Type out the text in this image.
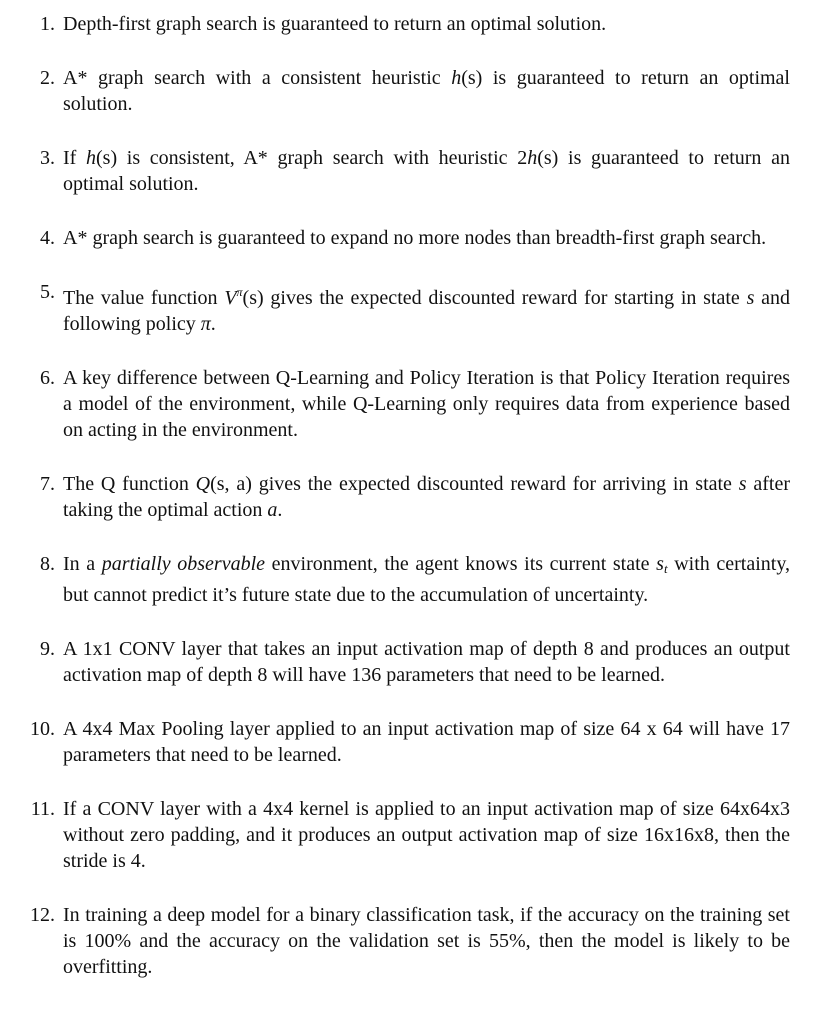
1. Depth-first graph search is guaranteed to return an optimal solution.
2. A* graph search with a consistent heuristic h(s) is guaranteed to return an optimal solution.
3. If h(s) is consistent, A* graph search with heuristic 2h(s) is guaranteed to return an optimal solution.
4. A* graph search is guaranteed to expand no more nodes than breadth-first graph search.
5. The value function $V^\pi(s)$ gives the expected discounted reward for starting in state s and following policy π.
6. A key difference between Q-Learning and Policy Iteration is that Policy Iteration requires a model of the environment, while Q-Learning only requires data from experience based on acting in the environment.
7. The Q function Q(s, a) gives the expected discounted reward for arriving in state s after taking the optimal action a.
8. In a partially observable environment, the agent knows its current state $s_t$ with certainty, but cannot predict it’s future state due to the accumulation of uncertainty.
9. A 1x1 CONV layer that takes an input activation map of depth 8 and produces an output activation map of depth 8 will have 136 parameters that need to be learned.
10. A 4x4 Max Pooling layer applied to an input activation map of size 64 x 64 will have 17 parameters that need to be learned.
11. If a CONV layer with a 4x4 kernel is applied to an input activation map of size 64x64x3 without zero padding, and it produces an output activation map of size 16x16x8, then the stride is 4.
12. In training a deep model for a binary classification task, if the accuracy on the training set is 100% and the accuracy on the validation set is 55%, then the model is likely to be overfitting.
